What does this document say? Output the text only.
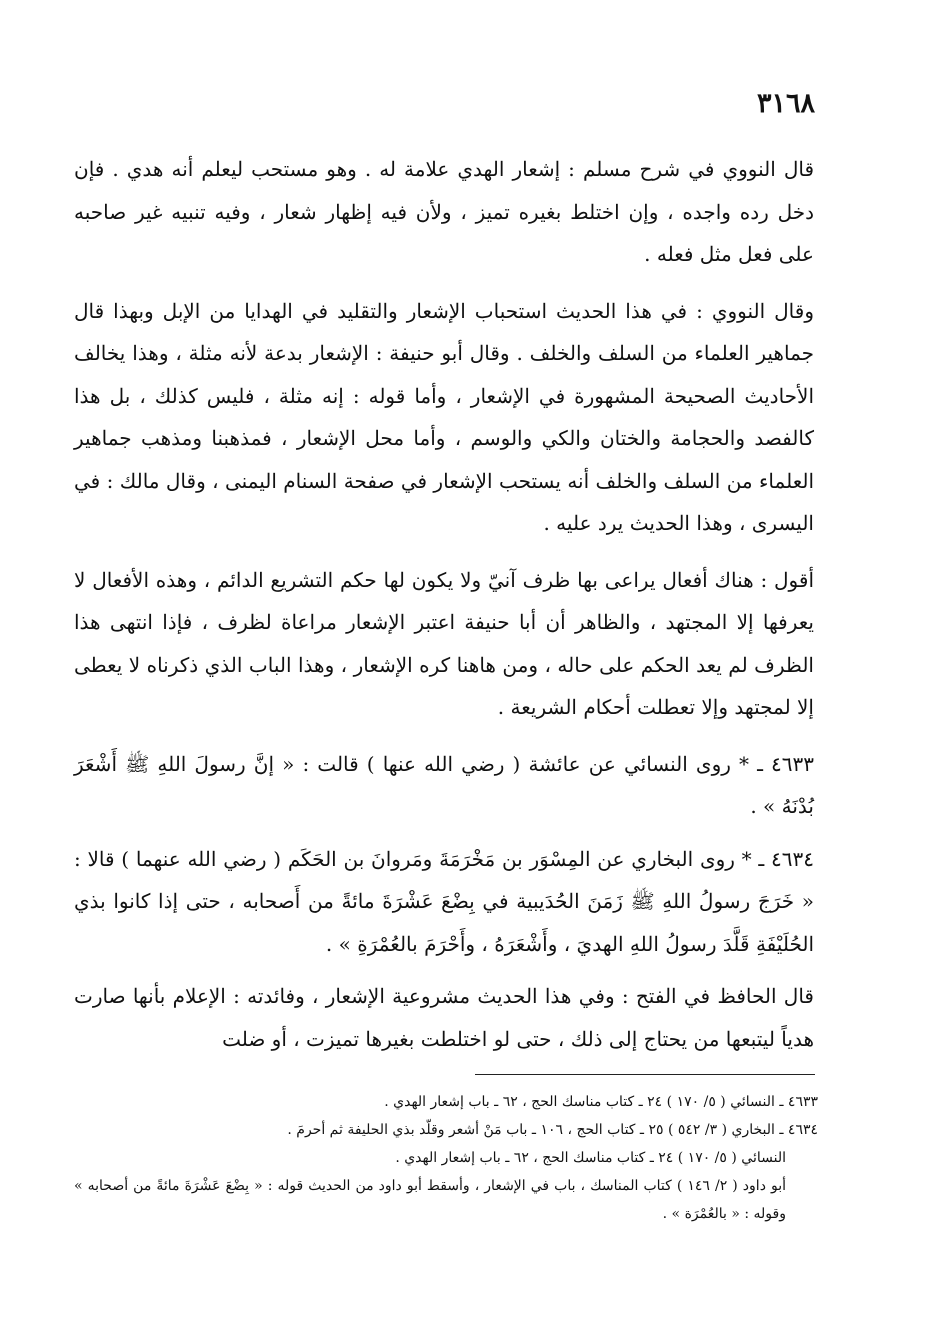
٣١٦٨

قال النووي في شرح مسلم : إشعار الهدي علامة له . وهو مستحب ليعلم أنه هدي . فإن دخل رده واجده ، وإن اختلط بغيره تميز ، ولأن فيه إظهار شعار ، وفيه تنبيه غير صاحبه على فعل مثل فعله .

وقال النووي : في هذا الحديث استحباب الإشعار والتقليد في الهدايا من الإبل وبهذا قال جماهير العلماء من السلف والخلف . وقال أبو حنيفة : الإشعار بدعة لأنه مثلة ، وهذا يخالف الأحاديث الصحيحة المشهورة في الإشعار ، وأما قوله : إنه مثلة ، فليس كذلك ، بل هذا كالفصد والحجامة والختان والكي والوسم ، وأما محل الإشعار ، فمذهبنا ومذهب جماهير العلماء من السلف والخلف أنه يستحب الإشعار في صفحة السنام اليمنى ، وقال مالك : في اليسرى ، وهذا الحديث يرد عليه .

أقول : هناك أفعال يراعى بها ظرف آنيّ ولا يكون لها حكم التشريع الدائم ، وهذه الأفعال لا يعرفها إلا المجتهد ، والظاهر أن أبا حنيفة اعتبر الإشعار مراعاة لظرف ، فإذا انتهى هذا الظرف لم يعد الحكم على حاله ، ومن هاهنا كره الإشعار ، وهذا الباب الذي ذكرناه لا يعطى إلا لمجتهد وإلا تعطلت أحكام الشريعة .

٤٦٣٣ ـ * روى النسائي عن عائشة ( رضي الله عنها ) قالت : « إنَّ رسولَ اللهِ ﷺ أَشْعَرَ بُدْنَهُ » .

٤٦٣٤ ـ * روى البخاري عن المِسْوَر بن مَخْرَمَةَ ومَروانَ بن الحَكَم ( رضي الله عنهما ) قالا : « خَرَجَ رسولُ اللهِ ﷺ زَمَنَ الحُدَيبية في بِضْعَ عَشْرَةَ مائةً من أَصحابه ، حتى إذا كانوا بذي الحُلَيْفَةِ قَلَّدَ رسولُ اللهِ الهديَ ، وأَشْعَرَهُ ، وأَحْرَمَ بالعُمْرَةِ » .

قال الحافظ في الفتح : وفي هذا الحديث مشروعية الإشعار ، وفائدته : الإعلام بأنها صارت هدياً ليتبعها من يحتاج إلى ذلك ، حتى لو اختلطت بغيرها تميزت ، أو ضلت

٤٦٣٣ ـ النسائي ( ٥/ ١٧٠ ) ٢٤ ـ كتاب مناسك الحج ، ٦٢ ـ باب إشعار الهدي .

٤٦٣٤ ـ البخاري ( ٣/ ٥٤٢ ) ٢٥ ـ كتاب الحج ، ١٠٦ ـ باب مَنْ أشعر وقلّد بذي الحليفة ثم أحرمَ .

النسائي ( ٥/ ١٧٠ ) ٢٤ ـ كتاب مناسك الحج ، ٦٢ ـ باب إشعار الهدي .

أبو داود ( ٢/ ١٤٦ ) كتاب المناسك ، باب في الإشعار ، وأسقط أبو داود من الحديث قوله : « بِضْعَ عَشْرَةَ مائةً من أصحابه » وقوله : « بالعُمْرَة » .
